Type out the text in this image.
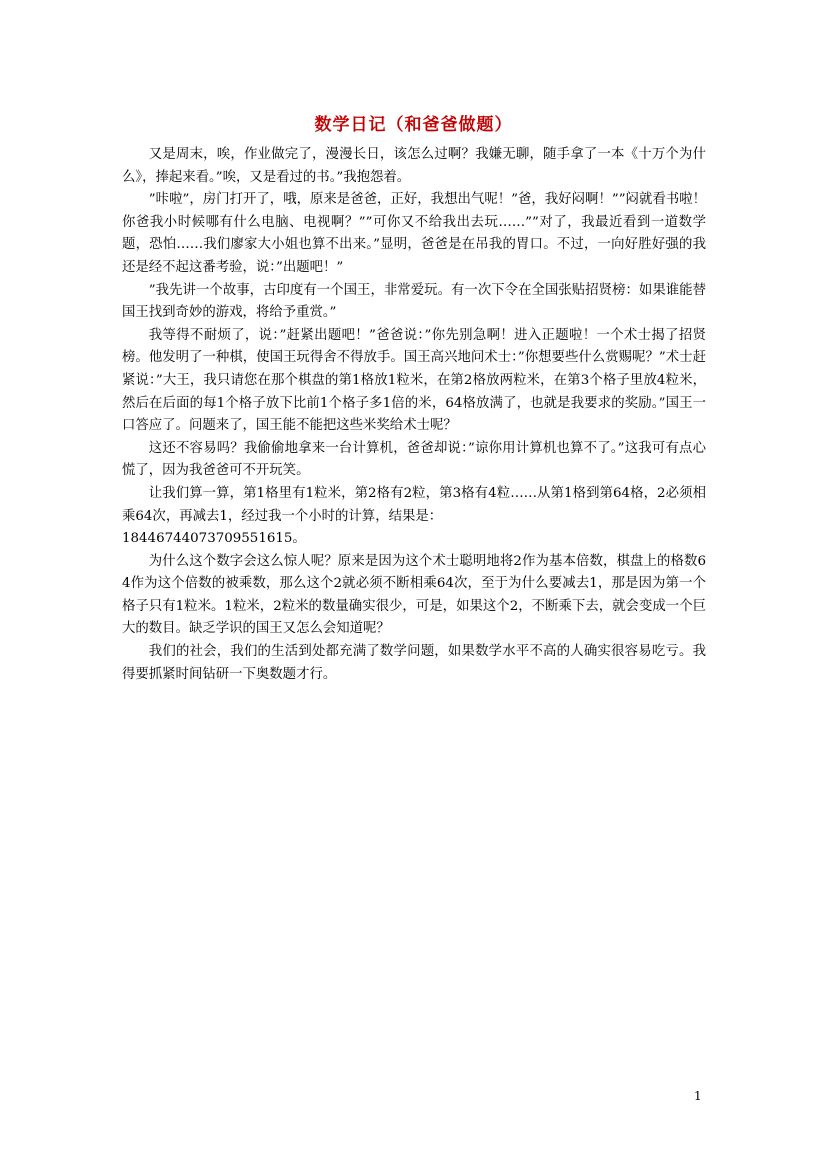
数学日记（和爸爸做题）

又是周末，唉，作业做完了，漫漫长日，该怎么过啊？我嫌无聊，随手拿了一本《十万个为什么》，捧起来看。”唉，又是看过的书。”我抱怨着。

”咔啦”，房门打开了，哦，原来是爸爸，正好，我想出气呢！”爸，我好闷啊！””闷就看书啦！你爸我小时候哪有什么电脑、电视啊？””可你又不给我出去玩……””对了，我最近看到一道数学题，恐怕……我们廖家大小姐也算不出来。”显明，爸爸是在吊我的胃口。不过，一向好胜好强的我还是经不起这番考验，说：”出题吧！”

”我先讲一个故事，古印度有一个国王，非常爱玩。有一次下令在全国张贴招贤榜：如果谁能替国王找到奇妙的游戏，将给予重赏。”

我等得不耐烦了，说：”赶紧出题吧！”爸爸说：”你先别急啊！进入正题啦！一个术士揭了招贤榜。他发明了一种棋，使国王玩得舍不得放手。国王高兴地问术士：”你想要些什么赏赐呢？”术士赶紧说：”大王，我只请您在那个棋盘的第1格放1粒米，在第2格放两粒米，在第3个格子里放4粒米，然后在后面的每1个格子放下比前1个格子多1倍的米，64格放满了，也就是我要求的奖励。”国王一口答应了。问题来了，国王能不能把这些米奖给术士呢？

这还不容易吗？我偷偷地拿来一台计算机，爸爸却说：”谅你用计算机也算不了。”这我可有点心慌了，因为我爸爸可不开玩笑。

让我们算一算，第1格里有1粒米，第2格有2粒，第3格有4粒……从第1格到第64格，2必须相乘64次，再减去1，经过我一个小时的计算，结果是：

18446744073709551615。

为什么这个数字会这么惊人呢？原来是因为这个术士聪明地将2作为基本倍数，棋盘上的格数64作为这个倍数的被乘数，那么这个2就必须不断相乘64次，至于为什么要减去1，那是因为第一个格子只有1粒米。1粒米，2粒米的数量确实很少，可是，如果这个2，不断乘下去，就会变成一个巨大的数目。缺乏学识的国王又怎么会知道呢？

我们的社会，我们的生活到处都充满了数学问题，如果数学水平不高的人确实很容易吃亏。我得要抓紧时间钻研一下奥数题才行。

1
